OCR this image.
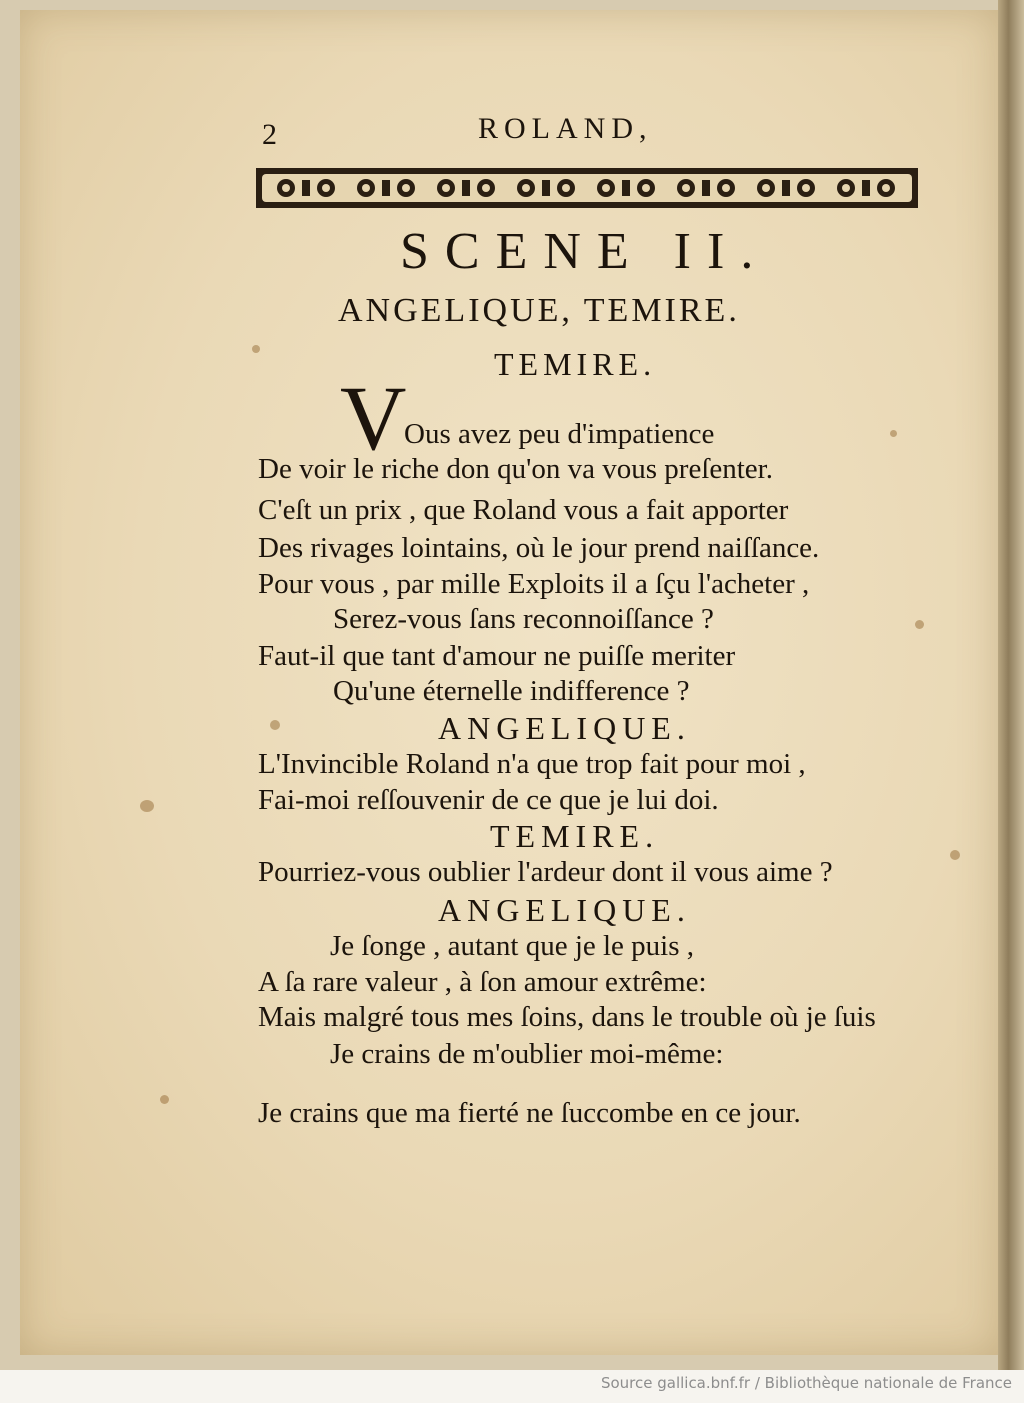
2	ROLAND,
SCENE II.
ANGELIQUE, TEMIRE.
TEMIRE.
V
Ous avez peu d'impatience
De voir le riche don qu'on va vous preſenter.
C'eſt un prix , que Roland vous a fait apporter
Des rivages lointains, où le jour prend naiſſance.
Pour vous , par mille Exploits il a ſçu l'acheter ,
Serez-vous ſans reconnoiſſance ?
Faut-il que tant d'amour ne puiſſe meriter
Qu'une éternelle indifference ?
ANGELIQUE.
L'Invincible Roland n'a que trop fait pour moi ,
Fai-moi reſſouvenir de ce que je lui doi.
TEMIRE.
Pourriez-vous oublier l'ardeur dont il vous aime ?
ANGELIQUE.
Je ſonge , autant que je le puis ,
A ſa rare valeur , à ſon amour extrême:
Mais malgré tous mes ſoins, dans le trouble où je ſuis
Je crains de m'oublier moi-même:
Je crains que ma fierté ne ſuccombe en ce jour.
Source gallica.bnf.fr / Bibliothèque nationale de France
